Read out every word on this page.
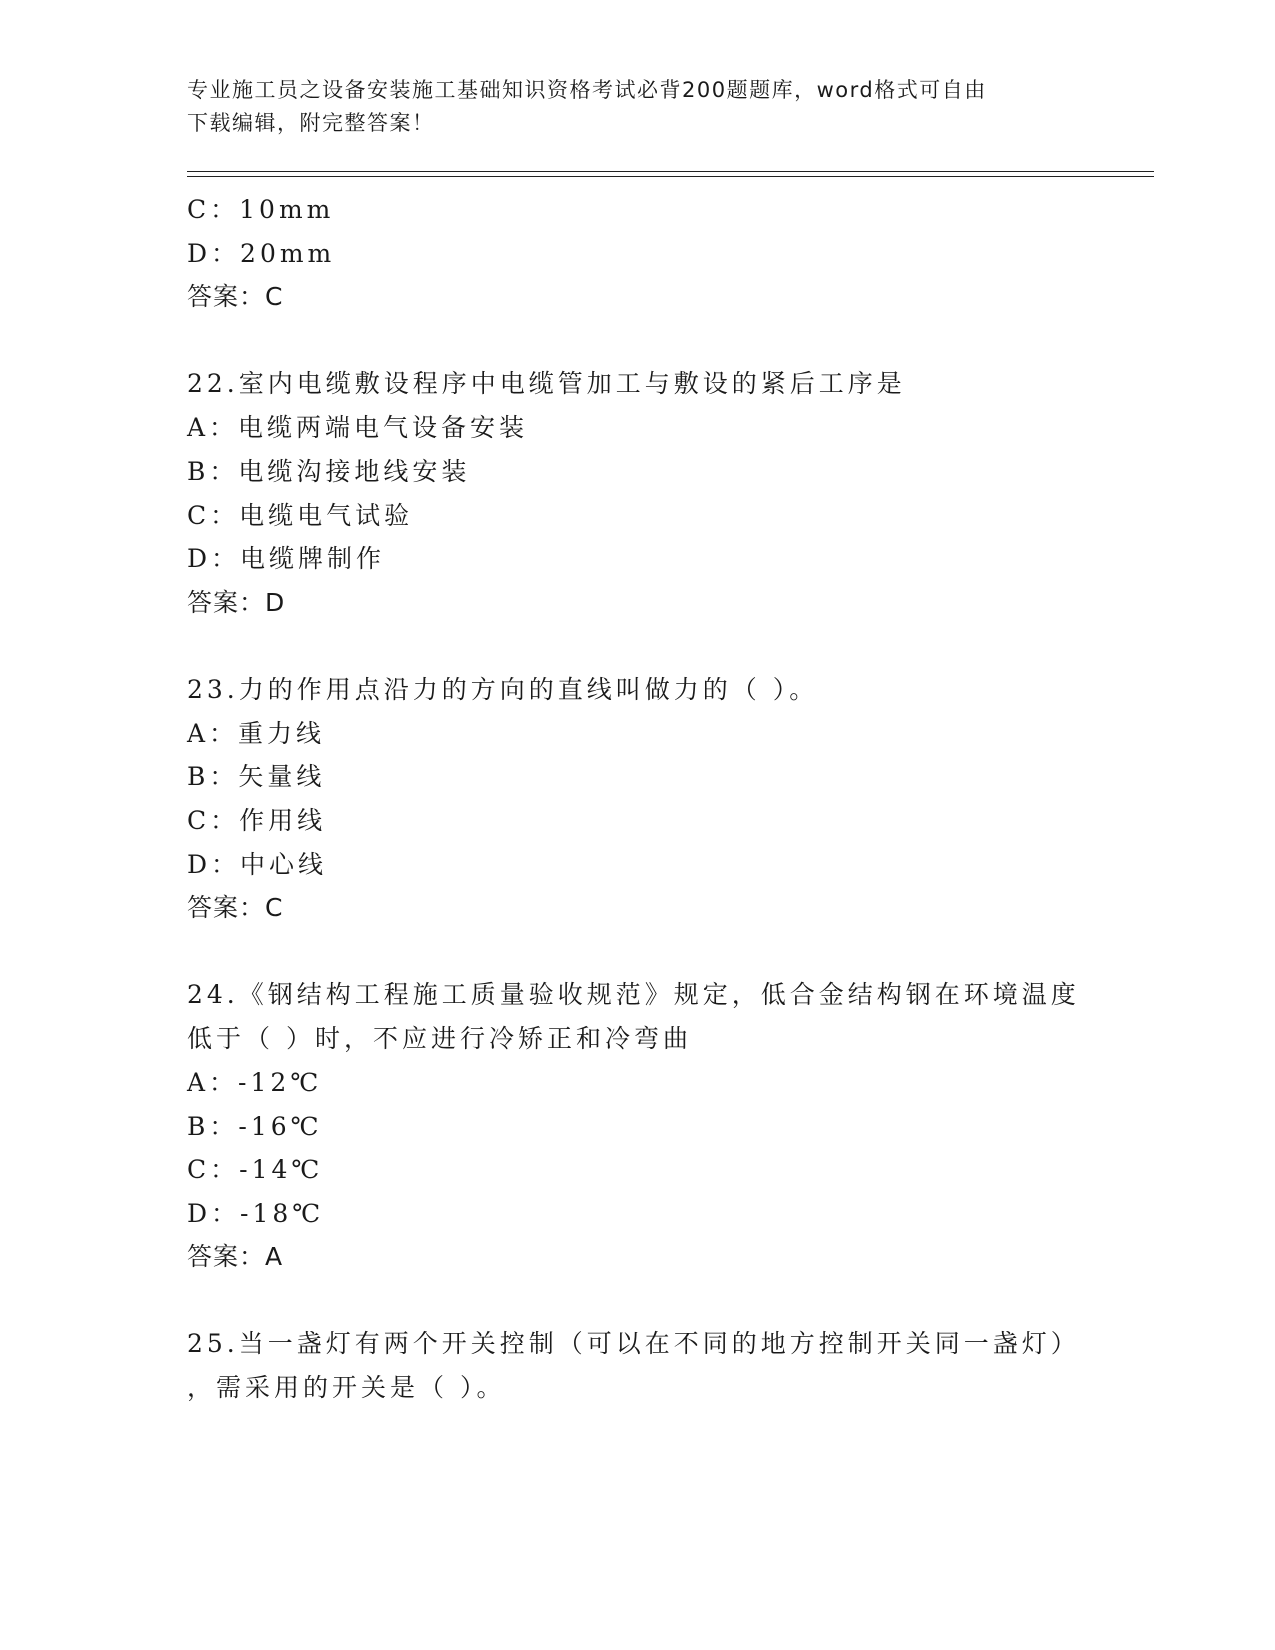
专业施工员之设备安装施工基础知识资格考试必背200题题库，word格式可自由
下载编辑，附完整答案！
C：10mm
D：20mm
答案：C
22.室内电缆敷设程序中电缆管加工与敷设的紧后工序是
A：电缆两端电气设备安装
B：电缆沟接地线安装
C：电缆电气试验
D：电缆牌制作
答案：D
23.力的作用点沿力的方向的直线叫做力的（ ）。
A：重力线
B：矢量线
C：作用线
D：中心线
答案：C
24.《钢结构工程施工质量验收规范》规定，低合金结构钢在环境温度
低于（ ）时，不应进行冷矫正和冷弯曲
A：-12℃
B：-16℃
C：-14℃
D：-18℃
答案：A
25.当一盏灯有两个开关控制（可以在不同的地方控制开关同一盏灯）
，需采用的开关是（ ）。
